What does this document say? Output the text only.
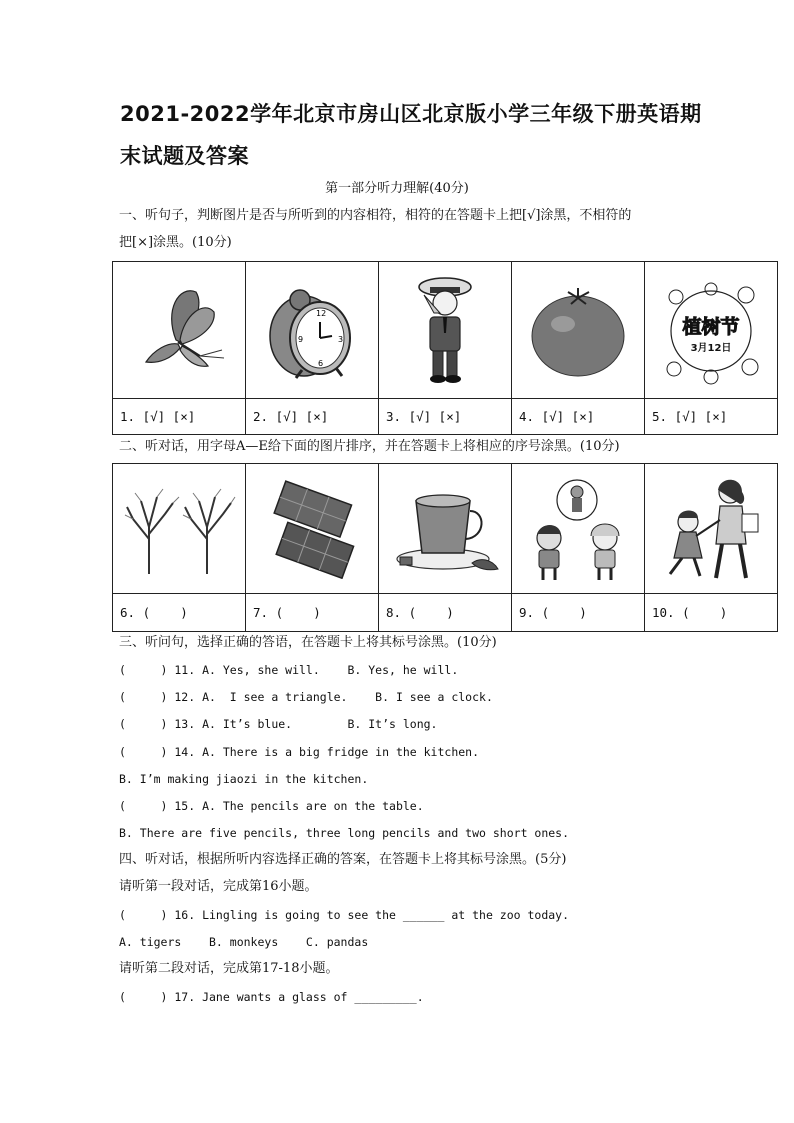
2021-2022学年北京市房山区北京版小学三年级下册英语期
末试题及答案
第一部分听力理解(40分)
一、听句子，判断图片是否与所听到的内容相符，相符的在答题卡上把[√]涂黑，不相符的
把[×]涂黑。(10分)

12
3
6
9			植树节
3月12日

1. [√] [×]	2. [√] [×]	3. [√] [×]	4. [√] [×]	5. [√] [×]
二、听对话，用字母A—E给下面的图片排序，并在答题卡上将相应的序号涂黑。(10分)

6. (    )	7. (    )	8. (    )	9. (    )	10. (    )
三、听问句，选择正确的答语，在答题卡上将其标号涂黑。(10分)
(     ) 11. A. Yes, she will.    B. Yes, he will.
(     ) 12. A.  I see a triangle.    B. I see a clock.
(     ) 13. A. It’s blue.        B. It’s long.
(     ) 14. A. There is a big fridge in the kitchen.
B. I’m making jiaozi in the kitchen.
(     ) 15. A. The pencils are on the table.
B. There are five pencils, three long pencils and two short ones.
四、听对话，根据所听内容选择正确的答案，在答题卡上将其标号涂黑。(5分)
请听第一段对话，完成第16小题。
(     ) 16. Lingling is going to see the ______ at the zoo today.
A. tigers    B. monkeys    C. pandas
请听第二段对话，完成第17-18小题。
(     ) 17. Jane wants a glass of _________.
